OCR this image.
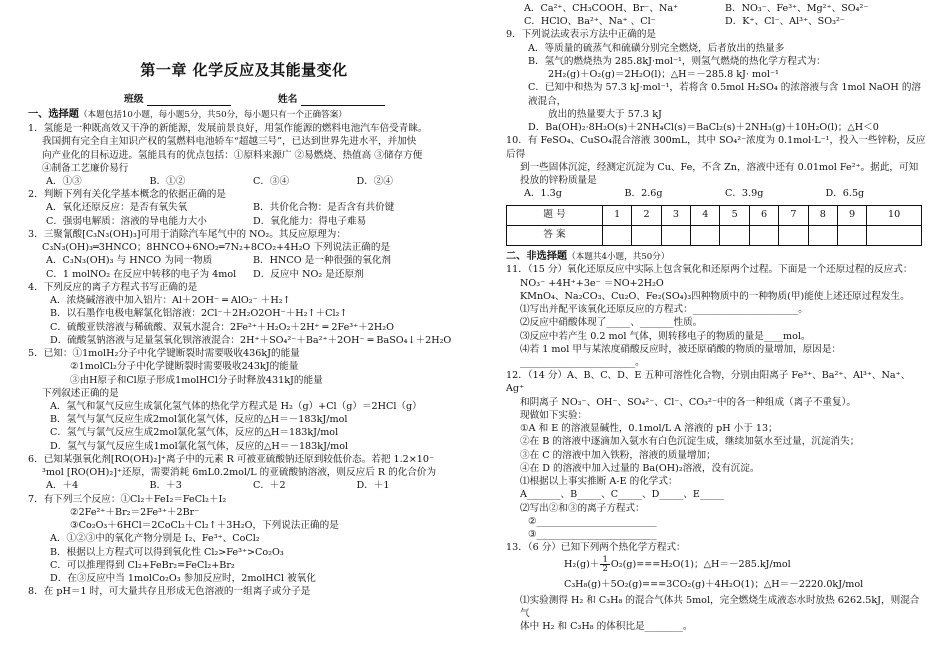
第一章 化学反应及其能量变化
班级	姓名
一、选择题（本题包括10小题，每小题5分，共50分，每小题只有一个正确答案）
1．氢能是一种既高效又干净的新能源，发展前景良好，用氢作能源的燃料电池汽车倍受青睐。
我国拥有完全自主知识产权的氢燃料电池轿车“超越三号”，已达到世界先进水平，并加快
向产业化的目标迈进。氢能具有的优点包括：①原料来源广 ②易燃烧、热值高 ③储存方便
④制备工艺廉价易行
A．①③	B．①②	C．③④	D．②④
2．判断下列有关化学基本概念的依据正确的是
A．氧化还原反应：是否有氧失氧	B．共价化合物：是否含有共价键
C．强弱电解质：溶液的导电能力大小	D．氧化能力：得电子难易
3．三聚氰酸[C₃N₃(OH)₃]可用于消除汽车尾气中的 NO₂。其反应原理为：
C₃N₃(OH)₃═3HNCO；8HNCO+6NO₂═7N₂+8CO₂+4H₂O 下列说法正确的是
A．C₃N₃(OH)₃ 与 HNCO 为同一物质	B．HNCO 是一种很强的氧化剂
C．1 molNO₂ 在反应中转移的电子为 4mol	D．反应中 NO₂ 是还原剂
4．下列反应的离子方程式书写正确的是
A．浓烧碱溶液中加入铝片：Al＋2OH⁻ ═ AlO₂⁻ ＋H₂↑
B．以石墨作电极电解氯化铝溶液：2Cl⁻＋2H₂O2OH⁻＋H₂↑＋Cl₂↑
C．硫酸亚铁溶液与稀硫酸、双氧水混合：2Fe²⁺＋H₂O₂＋2H⁺ ═ 2Fe³⁺＋2H₂O
D．硫酸氢钠溶液与足量氢氧化钡溶液混合：2H⁺＋SO₄²⁻＋Ba²⁺＋2OH⁻ ═ BaSO₄↓＋2H₂O
5．已知：①1molH₂分子中化学键断裂时需要吸收436kJ的能量
②1molCl₂分子中化学键断裂时需要吸收243kJ的能量
③由H原子和Cl原子形成1molHCl分子时释放431kJ的能量
下列叙述正确的是
A．氢气和氯气反应生成氯化氢气体的热化学方程式是 H₂（g）+Cl（g）＝2HCl（g）
B．氢气与氯气反应生成2mol氯化氢气体，反应的△H＝－183kJ/mol
C．氢气与氯气反应生成2mol氯化氢气体，反应的△H＝183kJ/mol
D．氢气与氯气反应生成1mol氯化氢气体，反应的△H＝－183kJ/mol
6．已知某强氧化剂[RO(OH)₂]⁺离子中的元素 R 可被亚硫酸钠还原到较低价态。若把 1.2×10⁻
³mol [RO(OH)₂]⁺还原，需要消耗 6mL0.2mol/L 的亚硫酸钠溶液，则反应后 R 的化合价为
A．＋4	B．＋3	C．＋2	D．＋1
7．有下列三个反应：①Cl₂＋FeI₂＝FeCl₂＋I₂
②2Fe²⁺＋Br₂＝2Fe³⁺＋2Br⁻
③Co₂O₃＋6HCl＝2CoCl₂＋Cl₂↑＋3H₂O，下列说法正确的是
A．①②③中的氧化产物分别是 I₂、Fe³⁺、CoCl₂
B．根据以上方程式可以得到氧化性 Cl₂>Fe³⁺>Co₂O₃
C．可以推理得到 Cl₂+FeBr₂=FeCl₂+Br₂
D．在③反应中当 1molCo₂O₃ 参加反应时，2molHCl 被氧化
8．在 pH＝1 时，可大量共存且形成无色溶液的一组离子或分子是
A．Ca²⁺、CH₃COOH、Br⁻、Na⁺	B．NO₃⁻、Fe³⁺、Mg²⁺、SO₄²⁻
C．HClO、Ba²⁺、Na⁺ 、Cl⁻	D．K⁺、Cl⁻、Al³⁺、SO₃²⁻
9．下列说法或表示方法中正确的是
A．等质量的硫蒸气和硫磺分别完全燃烧，后者放出的热量多
B．氢气的燃烧热为 285.8kJ·mol⁻¹，则氢气燃烧的热化学方程式为：
2H₂(g)＋O₂(g)＝2H₂O(l)；△H＝－285.8 kJ· mol⁻¹
C．已知中和热为 57.3 kJ·mol⁻¹，若将含 0.5mol H₂SO₄ 的浓溶液与含 1mol NaOH 的溶液混合，
放出的热量要大于 57.3 kJ
D．Ba(OH)₂·8H₂O(s)＋2NH₄Cl(s)＝BaCl₂(s)＋2NH₃(g)＋10H₂O(l)；△H＜0
10．有 FeSO₄、CuSO₄混合溶液 300mL，其中 SO₄²⁻浓度为 0.1mol·L⁻¹，投入一些锌粉，反应后得
到一些固体沉淀，经测定沉淀为 Cu、Fe，不含 Zn，溶液中还有 0.01mol Fe²⁺。据此，可知
投放的锌粉质量是
A．1.3g	B．2.6g	C．3.9g	D．6.5g
题 号	1	2	3	4	5	6	7	8	9	10
答 案										
二、非选择题（本题共4小题，共50分）
11．（15 分）氧化还原反应中实际上包含氧化和还原两个过程。下面是一个还原过程的反应式：
NO₃⁻ +4H⁺+3e⁻ ＝NO+2H₂O
KMnO₄、Na₂CO₃、Cu₂O、Fe₂(SO₄)₃四种物质中的一种物质(甲)能使上述还原过程发生。
⑴写出并配平该氧化还原反应的方程式：______________________。
⑵反应中硝酸体现了_____、_______性质。
⑶反应中若产生 0.2 mol 气体，则转移电子的物质的量是____mol。
⑷若 1 mol 甲与某浓度硝酸反应时，被还原硝酸的物质的量增加，原因是：
________________________。
12．（14 分）A、B、C、D、E 五种可溶性化合物，分别由阳离子 Fe³⁺、Ba²⁺、Al³⁺、Na⁺、Ag⁺
和阴离子 NO₃⁻、OH⁻、SO₄²⁻、Cl⁻、CO₃²⁻中的各一种组成（离子不重复）。
现做如下实验：
①A 和 E 的溶液显碱性，0.1mol/L A 溶液的 pH 小于 13；
②在 B 的溶液中逐滴加入氨水有白色沉淀生成，继续加氨水至过量，沉淀消失；
③在 C 的溶液中加入铁粉，溶液的质量增加；
④在 D 的溶液中加入过量的 Ba(OH)₂溶液，没有沉淀。
⑴根据以上事实推断 A-E 的化学式：
A_______、B_____、C_____、D_____、E_____
⑵写出②和③的离子方程式：
②_________________________
③_________________________
13．（6 分）已知下列两个热化学方程式：
$H_2(g)+ \frac{1}{2} O_2(g)===H_2O(1)$；△H＝－285.kJ/mol
C₃H₈(g)＋5O₂(g)===3CO₂(g)＋4H₂O(1)；△H＝－2220.0kJ/mol
⑴实验测得 H₂ 和 C₃H₈ 的混合气体共 5mol，完全燃烧生成液态水时放热 6262.5kJ，则混合气
体中 H₂ 和 C₃H₈ 的体积比是________。
